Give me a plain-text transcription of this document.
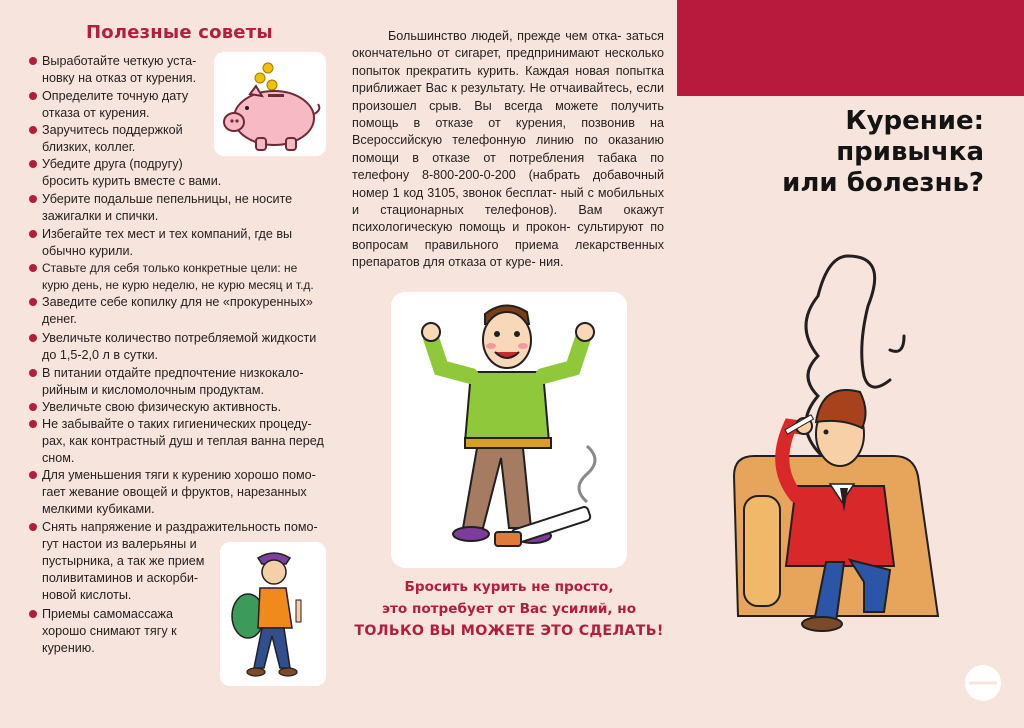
Полезные советы
Выработайте четкую уста-
новку на отказ от курения.
Определите точную дату
отказа от курения.
Заручитесь поддержкой
близких, коллег.
Убедите друга (подругу)
бросить курить вместе с вами.
Уберите подальше пепельницы, не носите
зажигалки и спички.
Избегайте тех мест и тех компаний, где вы
обычно курили.
Ставьте для себя только конкретные цели: не
курю день, не курю неделю, не курю месяц и т.д.
Заведите себе копилку для не «прокуренных»
денег.
Увеличьте количество потребляемой жидкости
до 1,5-2,0 л в сутки.
В питании отдайте предпочтение низкокало-
рийным и кисломолочным продуктам.
Увеличьте свою физическую активность.
Не забывайте о таких гигиенических процеду-
рах, как контрастный душ и теплая ванна перед
сном.
Для уменьшения тяги к курению хорошо помо-
гает жевание овощей и фруктов, нарезанных
мелкими кубиками.
Снять напряжение и раздражительность помо-
гут настои из валерьяны и
пустырника, а так же прием
поливитаминов и аскорби-
новой кислоты.
Приемы самомассажа
хорошо снимают тягу к
курению.
Большинство людей, прежде чем отка- заться окончательно от сигарет, предпринимают несколько попыток прекратить курить. Каждая новая попытка приближает Вас к результату. Не отчаивайтесь, если произошел срыв. Вы всегда можете получить помощь в отказе от курения, позвонив на Всероссийскую телефонную линию по оказанию помощи в отказе от потребления табака по телефону 8-800-200-0-200 (набрать добавочный номер 1 код 3105, звонок бесплат- ный с мобильных и стационарных телефонов). Вам окажут психологическую помощь и прокон- сультируют по вопросам правильного приема лекарственных препаратов для отказа от куре- ния.
Бросить курить не просто,
это потребует от Вас усилий, но
ТОЛЬКО ВЫ МОЖЕТЕ ЭТО СДЕЛАТЬ!
Курение:
привычка
или болезнь?
